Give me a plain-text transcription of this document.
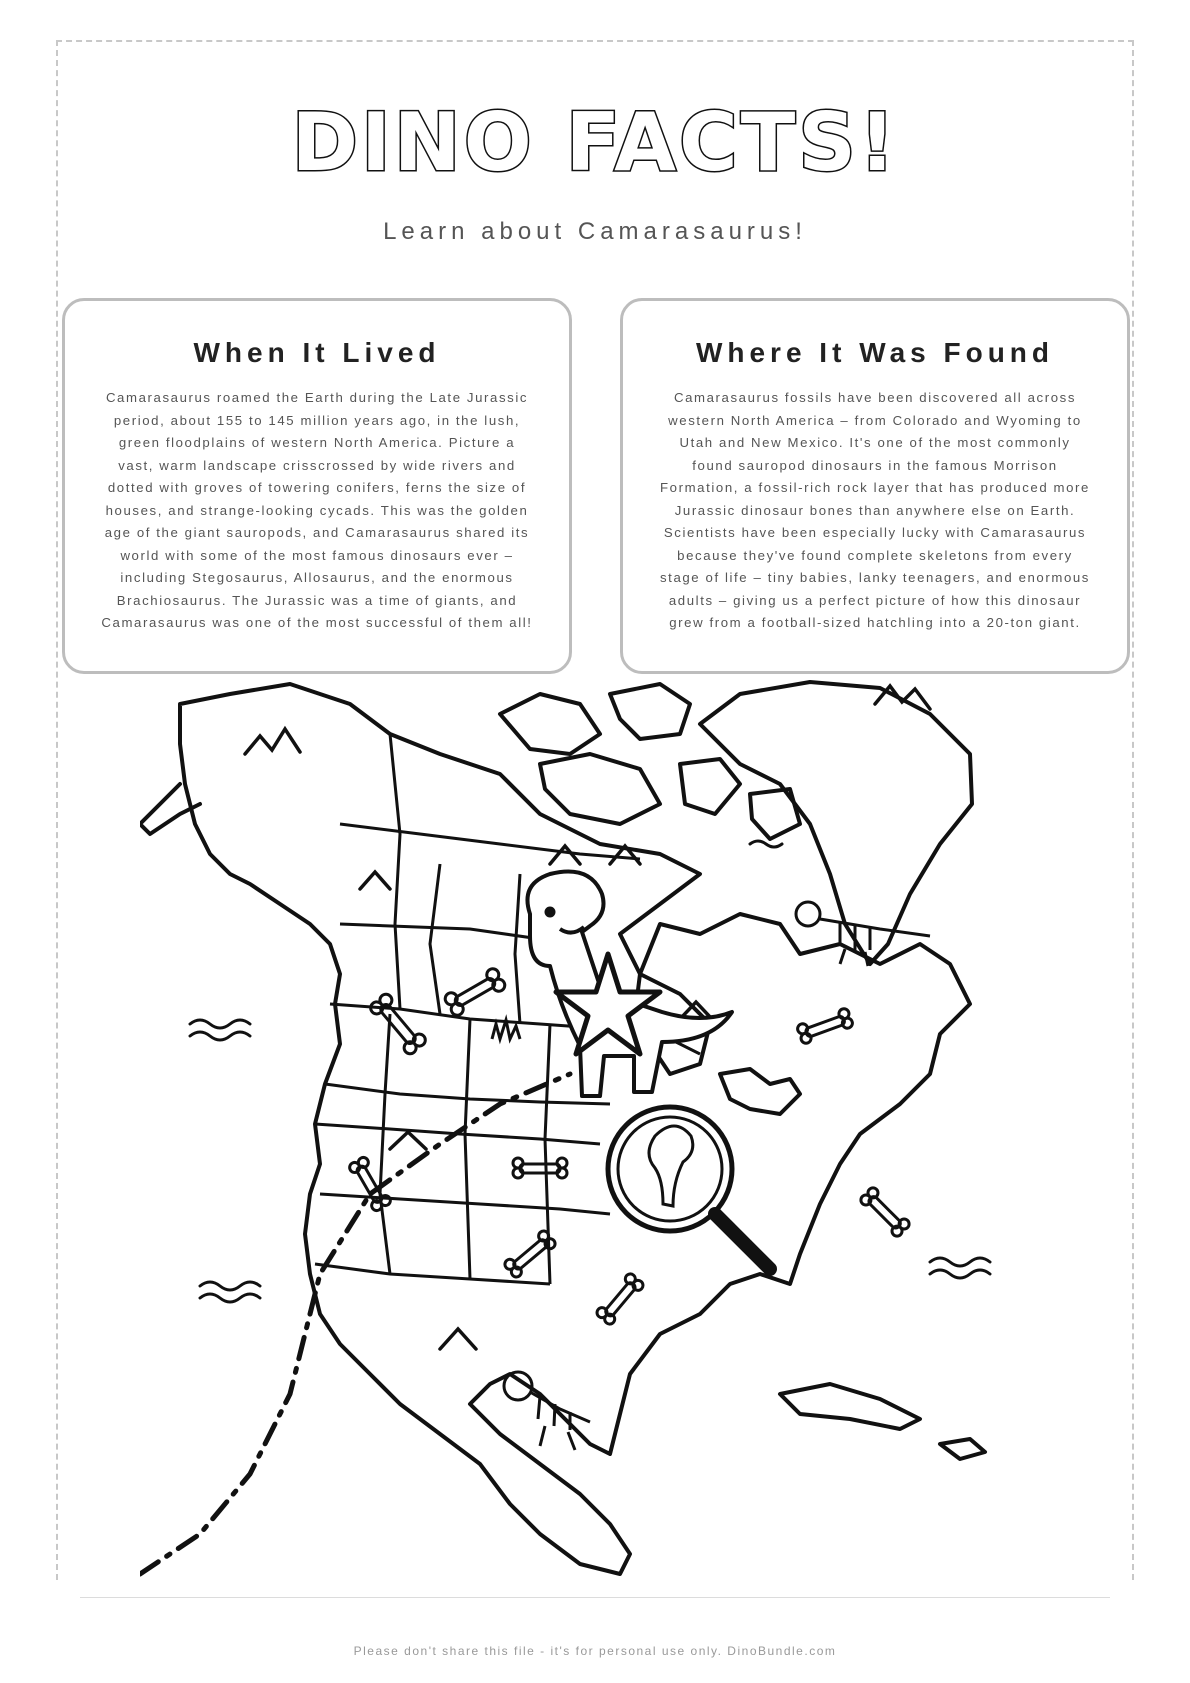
DINO FACTS!
Learn about Camarasaurus!
When It Lived

Camarasaurus roamed the Earth during the Late Jurassic period, about 155 to 145 million years ago, in the lush, green floodplains of western North America. Picture a vast, warm landscape crisscrossed by wide rivers and dotted with groves of towering conifers, ferns the size of houses, and strange-looking cycads. This was the golden age of the giant sauropods, and Camarasaurus shared its world with some of the most famous dinosaurs ever – including Stegosaurus, Allosaurus, and the enormous Brachiosaurus. The Jurassic was a time of giants, and Camarasaurus was one of the most successful of them all!

Where It Was Found

Camarasaurus fossils have been discovered all across western North America – from Colorado and Wyoming to Utah and New Mexico. It's one of the most commonly found sauropod dinosaurs in the famous Morrison Formation, a fossil-rich rock layer that has produced more Jurassic dinosaur bones than anywhere else on Earth. Scientists have been especially lucky with Camarasaurus because they've found complete skeletons from every stage of life – tiny babies, lanky teenagers, and enormous adults – giving us a perfect picture of how this dinosaur grew from a football-sized hatchling into a 20-ton giant.

Please don't share this file - it's for personal use only. DinoBundle.com
